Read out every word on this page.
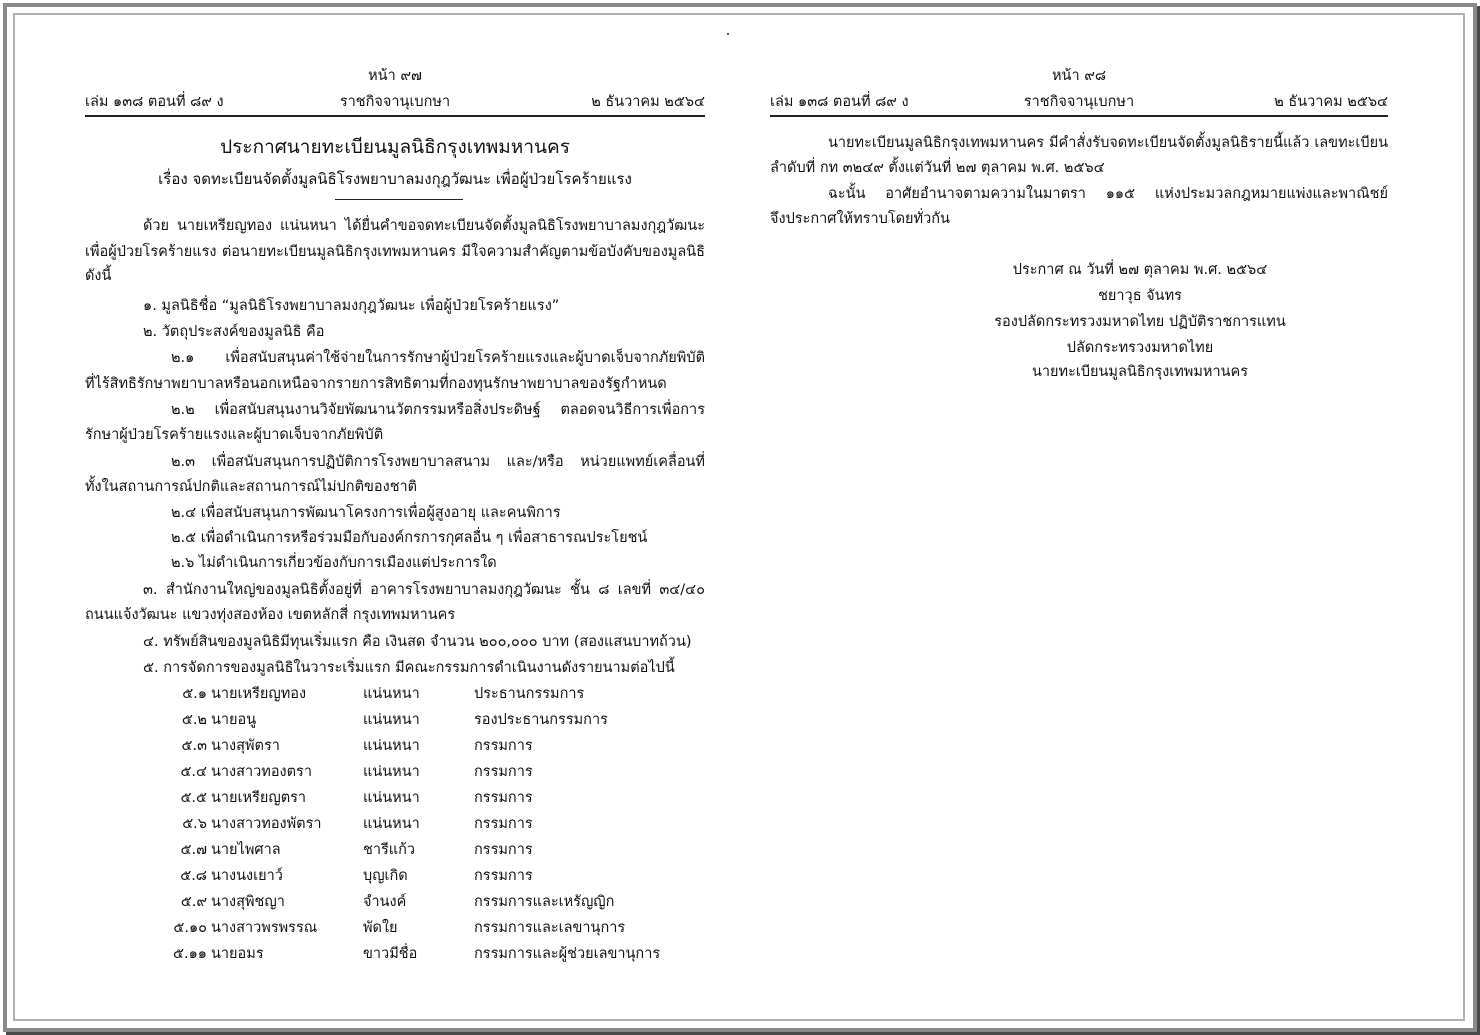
หน้า ๙๗
เล่ม ๑๓๘ ตอนที่ ๘๙ ง	ราชกิจจานุเบกษา	๒ ธันวาคม ๒๕๖๔
ประกาศนายทะเบียนมูลนิธิกรุงเทพมหานคร
เรื่อง จดทะเบียนจัดตั้งมูลนิธิโรงพยาบาลมงกุฎวัฒนะ เพื่อผู้ป่วยโรคร้ายแรง
ด้วย นายเหรียญทอง แน่นหนา ได้ยื่นคำขอจดทะเบียนจัดตั้งมูลนิธิโรงพยาบาลมงกุฎวัฒนะ
เพื่อผู้ป่วยโรคร้ายแรง ต่อนายทะเบียนมูลนิธิกรุงเทพมหานคร มีใจความสำคัญตามข้อบังคับของมูลนิธิ
ดังนี้
๑. มูลนิธิชื่อ “มูลนิธิโรงพยาบาลมงกุฎวัฒนะ เพื่อผู้ป่วยโรคร้ายแรง”
๒. วัตถุประสงค์ของมูลนิธิ คือ
๒.๑ เพื่อสนับสนุนค่าใช้จ่ายในการรักษาผู้ป่วยโรคร้ายแรงและผู้บาดเจ็บจากภัยพิบัติ
ที่ไร้สิทธิรักษาพยาบาลหรือนอกเหนือจากรายการสิทธิตามที่กองทุนรักษาพยาบาลของรัฐกำหนด
๒.๒ เพื่อสนับสนุนงานวิจัยพัฒนานวัตกรรมหรือสิ่งประดิษฐ์ ตลอดจนวิธีการเพื่อการ
รักษาผู้ป่วยโรคร้ายแรงและผู้บาดเจ็บจากภัยพิบัติ
๒.๓ เพื่อสนับสนุนการปฏิบัติการโรงพยาบาลสนาม และ/หรือ หน่วยแพทย์เคลื่อนที่
ทั้งในสถานการณ์ปกติและสถานการณ์ไม่ปกติของชาติ
๒.๔ เพื่อสนับสนุนการพัฒนาโครงการเพื่อผู้สูงอายุ และคนพิการ
๒.๕ เพื่อดำเนินการหรือร่วมมือกับองค์กรการกุศลอื่น ๆ เพื่อสาธารณประโยชน์
๒.๖ ไม่ดำเนินการเกี่ยวข้องกับการเมืองแต่ประการใด
๓. สำนักงานใหญ่ของมูลนิธิตั้งอยู่ที่ อาคารโรงพยาบาลมงกุฎวัฒนะ ชั้น ๘ เลขที่ ๓๔/๔๐
ถนนแจ้งวัฒนะ แขวงทุ่งสองห้อง เขตหลักสี่ กรุงเทพมหานคร
๔. ทรัพย์สินของมูลนิธิมีทุนเริ่มแรก คือ เงินสด จำนวน ๒๐๐,๐๐๐ บาท (สองแสนบาทถ้วน)
๕. การจัดการของมูลนิธิในวาระเริ่มแรก มีคณะกรรมการดำเนินงานดังรายนามต่อไปนี้
๕.๑ นายเหรียญทอง	แน่นหนา	ประธานกรรมการ
๕.๒ นายอนู	แน่นหนา	รองประธานกรรมการ
๕.๓ นางสุพัตรา	แน่นหนา	กรรมการ
๕.๔ นางสาวทองตรา	แน่นหนา	กรรมการ
๕.๕ นายเหรียญตรา	แน่นหนา	กรรมการ
๕.๖ นางสาวทองพัตรา	แน่นหนา	กรรมการ
๕.๗ นายไพศาล	ชารีแก้ว	กรรมการ
๕.๘ นางนงเยาว์	บุญเกิด	กรรมการ
๕.๙ นางสุพิชญา	จำนงค์	กรรมการและเหรัญญิก
๕.๑๐ นางสาวพรพรรณ	พัดใย	กรรมการและเลขานุการ
๕.๑๑ นายอมร	ขาวมีชื่อ	กรรมการและผู้ช่วยเลขานุการ
หน้า ๙๘
เล่ม ๑๓๘ ตอนที่ ๘๙ ง	ราชกิจจานุเบกษา	๒ ธันวาคม ๒๕๖๔
นายทะเบียนมูลนิธิกรุงเทพมหานคร มีคำสั่งรับจดทะเบียนจัดตั้งมูลนิธิรายนี้แล้ว เลขทะเบียน
ลำดับที่ กท ๓๒๔๙ ตั้งแต่วันที่ ๒๗ ตุลาคม พ.ศ. ๒๕๖๔
ฉะนั้น อาศัยอำนาจตามความในมาตรา ๑๑๕ แห่งประมวลกฎหมายแพ่งและพาณิชย์
จึงประกาศให้ทราบโดยทั่วกัน
ประกาศ ณ วันที่ ๒๗ ตุลาคม พ.ศ. ๒๕๖๔
ชยาวุธ จันทร
รองปลัดกระทรวงมหาดไทย ปฏิบัติราชการแทน
ปลัดกระทรวงมหาดไทย
นายทะเบียนมูลนิธิกรุงเทพมหานคร
